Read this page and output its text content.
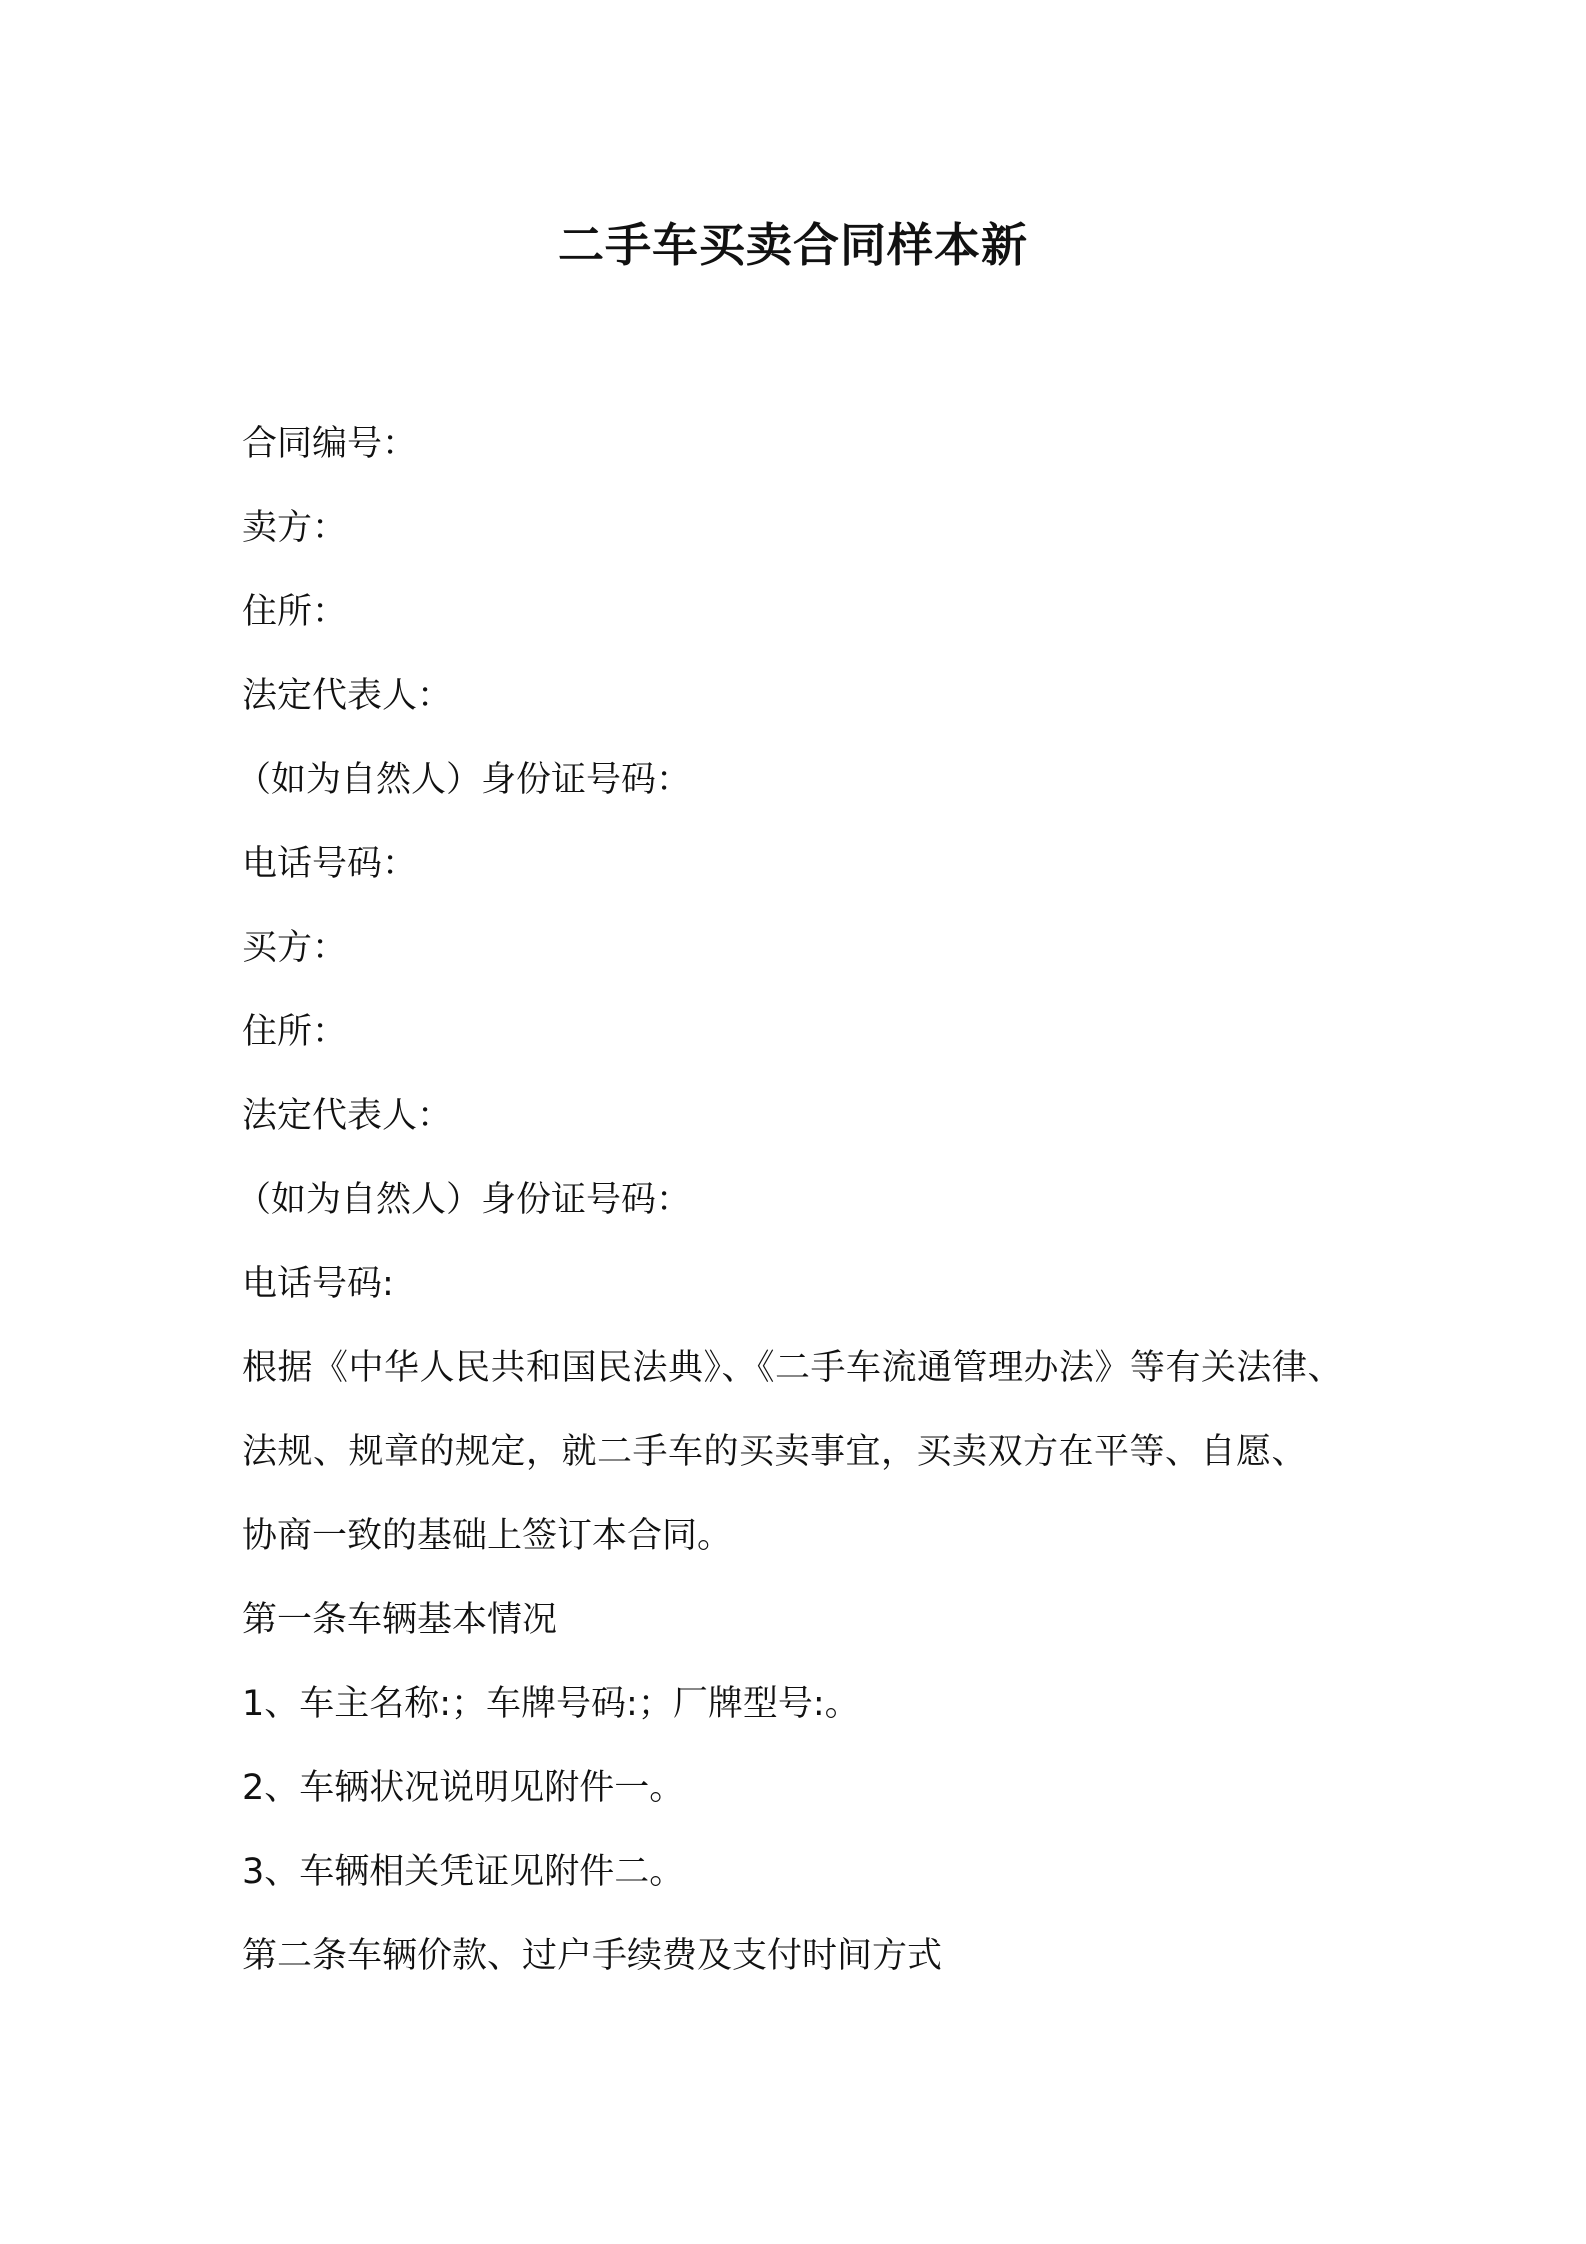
二手车买卖合同样本新
合同编号：
卖方：
住所：
法定代表人：
（如为自然人）身份证号码：
电话号码：
买方：
住所：
法定代表人：
（如为自然人）身份证号码：
电话号码:
根据《中华人民共和国民法典》、《二手车流通管理办法》等有关法律、
法规、规章的规定，就二手车的买卖事宜，买卖双方在平等、自愿、
协商一致的基础上签订本合同。
第一条车辆基本情况
1、车主名称:；车牌号码:；厂牌型号:。
2、车辆状况说明见附件一。
3、车辆相关凭证见附件二。
第二条车辆价款、过户手续费及支付时间方式
